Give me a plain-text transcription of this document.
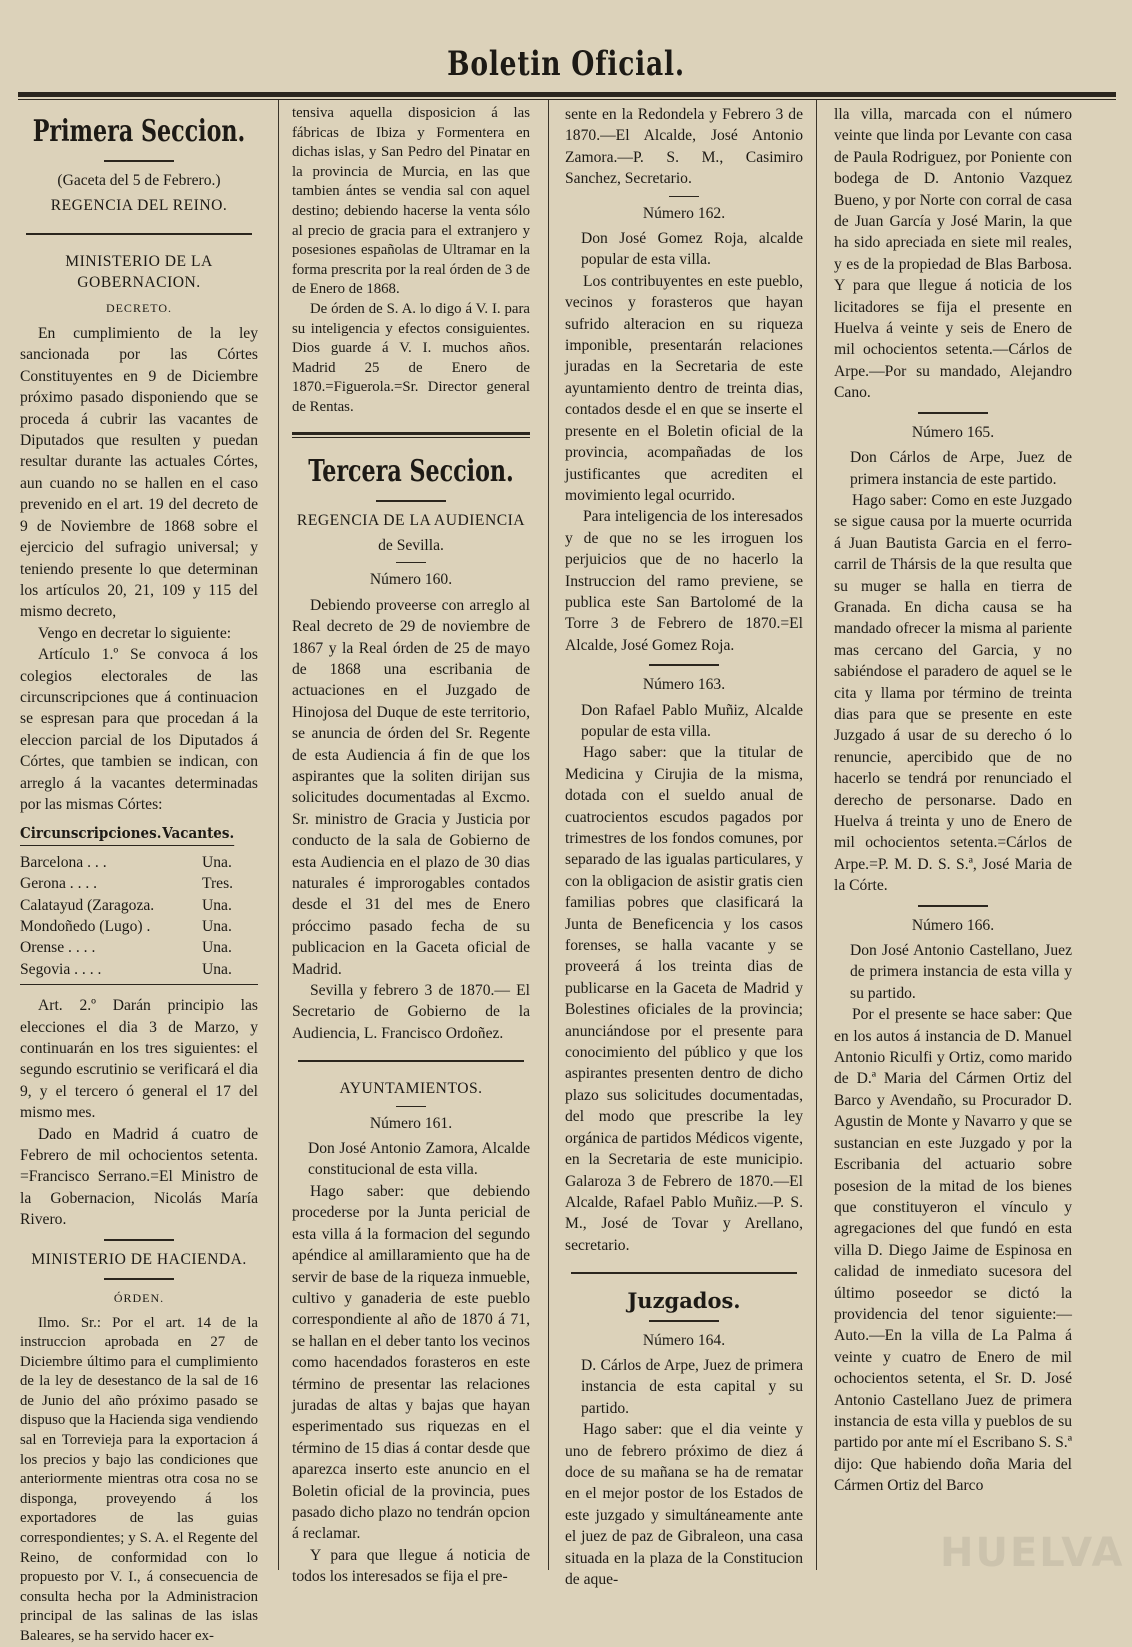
Boletin Oficial.
Primera Seccion.
(Gaceta del 5 de Febrero.)
REGENCIA DEL REINO.
MINISTERIO DE LA GOBERNACION.
DECRETO.

En cumplimiento de la ley sancionada por las Córtes Constituyentes en 9 de Diciembre próximo pasado disponiendo que se proceda á cubrir las vacantes de Diputados que resulten y puedan resultar durante las actuales Córtes, aun cuando no se hallen en el caso prevenido en el art. 19 del decreto de 9 de Noviembre de 1868 sobre el ejercicio del sufragio universal; y teniendo presente lo que determinan los artículos 20, 21, 109 y 115 del mismo decreto,

Vengo en decretar lo siguiente:

Artículo 1.º Se convoca á los colegios electorales de las circunscripciones que á continuacion se espresan para que procedan á la eleccion parcial de los Diputados á Córtes, que tambien se indican, con arreglo á la vacantes determinadas por las mismas Córtes:

Circunscripciones. Vacantes.
Barcelona . . .	Una.
Gerona . . . .	Tres.
Calatayud (Zaragoza.	Una.
Mondoñedo (Lugo) .	Una.
Orense . . . .	Una.
Segovia . . . .	Una.

Art. 2.º Darán principio las elecciones el dia 3 de Marzo, y continuarán en los tres siguientes: el segundo escrutinio se verificará el dia 9, y el tercero ó general el 17 del mismo mes.

Dado en Madrid á cuatro de Febrero de mil ochocientos setenta. =Francisco Serrano.=El Ministro de la Gobernacion, Nicolás María Rivero.

MINISTERIO DE HACIENDA.
ÓRDEN.

Ilmo. Sr.: Por el art. 14 de la instruccion aprobada en 27 de Diciembre último para el cumplimiento de la ley de desestanco de la sal de 16 de Junio del año próximo pasado se dispuso que la Hacienda siga vendiendo sal en Torrevieja para la exportacion á los precios y bajo las condiciones que anteriormente mientras otra cosa no se disponga, proveyendo á los exportadores de las guias correspondientes; y S. A. el Regente del Reino, de conformidad con lo propuesto por V. I., á consecuencia de consulta hecha por la Administracion principal de las salinas de las islas Baleares, se ha servido hacer ex-

tensiva aquella disposicion á las fábricas de Ibiza y Formentera en dichas islas, y San Pedro del Pinatar en la provincia de Murcia, en las que tambien ántes se vendia sal con aquel destino; debiendo hacerse la venta sólo al precio de gracia para el extranjero y posesiones españolas de Ultramar en la forma prescrita por la real órden de 3 de de Enero de 1868.

De órden de S. A. lo digo á V. I. para su inteligencia y efectos consiguientes. Dios guarde á V. I. muchos años. Madrid 25 de Enero de 1870.=Figuerola.=Sr. Director general de Rentas.

Tercera Seccion.
REGENCIA DE LA AUDIENCIA
de Sevilla.
Número 160.

Debiendo proveerse con arreglo al Real decreto de 29 de noviembre de 1867 y la Real órden de 25 de mayo de 1868 una escribania de actuaciones en el Juzgado de Hinojosa del Duque de este territorio, se anuncia de órden del Sr. Regente de esta Audiencia á fin de que los aspirantes que la soliten dirijan sus solicitudes documentadas al Excmo. Sr. ministro de Gracia y Justicia por conducto de la sala de Gobierno de esta Audiencia en el plazo de 30 dias naturales é improrogables contados desde el 31 del mes de Enero próccimo pasado fecha de su publicacion en la Gaceta oficial de Madrid.

Sevilla y febrero 3 de 1870.— El Secretario de Gobierno de la Audiencia, L. Francisco Ordoñez.

AYUNTAMIENTOS.
Número 161.

Don José Antonio Zamora, Alcalde constitucional de esta villa.

Hago saber: que debiendo procederse por la Junta pericial de esta villa á la formacion del segundo apéndice al amillaramiento que ha de servir de base de la riqueza inmueble, cultivo y ganaderia de este pueblo correspondiente al año de 1870 á 71, se hallan en el deber tanto los vecinos como hacendados forasteros en este término de presentar las relaciones juradas de altas y bajas que hayan esperimentado sus riquezas en el término de 15 dias á contar desde que aparezca inserto este anuncio en el Boletin oficial de la provincia, pues pasado dicho plazo no tendrán opcion á reclamar.

Y para que llegue á noticia de todos los interesados se fija el pre-

sente en la Redondela y Febrero 3 de 1870.—El Alcalde, José Antonio Zamora.—P. S. M., Casimiro Sanchez, Secretario.

Número 162.

Don José Gomez Roja, alcalde popular de esta villa.

Los contribuyentes en este pueblo, vecinos y forasteros que hayan sufrido alteracion en su riqueza imponible, presentarán relaciones juradas en la Secretaria de este ayuntamiento dentro de treinta dias, contados desde el en que se inserte el presente en el Boletin oficial de la provincia, acompañadas de los justificantes que acrediten el movimiento legal ocurrido.

Para inteligencia de los interesados y de que no se les irroguen los perjuicios que de no hacerlo la Instruccion del ramo previene, se publica este San Bartolomé de la Torre 3 de Febrero de 1870.=El Alcalde, José Gomez Roja.

Número 163.

Don Rafael Pablo Muñiz, Alcalde popular de esta villa.

Hago saber: que la titular de Medicina y Cirujia de la misma, dotada con el sueldo anual de cuatrocientos escudos pagados por trimestres de los fondos comunes, por separado de las igualas particulares, y con la obligacion de asistir gratis cien familias pobres que clasificará la Junta de Beneficencia y los casos forenses, se halla vacante y se proveerá á los treinta dias de publicarse en la Gaceta de Madrid y Bolestines oficiales de la provincia; anunciándose por el presente para conocimiento del público y que los aspirantes presenten dentro de dicho plazo sus solicitudes documentadas, del modo que prescribe la ley orgánica de partidos Médicos vigente, en la Secretaria de este municipio. Galaroza 3 de Febrero de 1870.—El Alcalde, Rafael Pablo Muñiz.—P. S. M., José de Tovar y Arellano, secretario.

Juzgados.
Número 164.

D. Cárlos de Arpe, Juez de primera instancia de esta capital y su partido.

Hago saber: que el dia veinte y uno de febrero próximo de diez á doce de su mañana se ha de rematar en el mejor postor de los Estados de este juzgado y simultáneamente ante el juez de paz de Gibraleon, una casa situada en la plaza de la Constitucion de aque-

lla villa, marcada con el número veinte que linda por Levante con casa de Paula Rodriguez, por Poniente con bodega de D. Antonio Vazquez Bueno, y por Norte con corral de casa de Juan García y José Marin, la que ha sido apreciada en siete mil reales, y es de la propiedad de Blas Barbosa. Y para que llegue á noticia de los licitadores se fija el presente en Huelva á veinte y seis de Enero de mil ochocientos setenta.—Cárlos de Arpe.—Por su mandado, Alejandro Cano.

Número 165.

Don Cárlos de Arpe, Juez de primera instancia de este partido.

Hago saber: Como en este Juzgado se sigue causa por la muerte ocurrida á Juan Bautista Garcia en el ferro-carril de Thársis de la que resulta que su muger se halla en tierra de Granada. En dicha causa se ha mandado ofrecer la misma al pariente mas cercano del Garcia, y no sabiéndose el paradero de aquel se le cita y llama por término de treinta dias para que se presente en este Juzgado á usar de su derecho ó lo renuncie, apercibido que de no hacerlo se tendrá por renunciado el derecho de personarse. Dado en Huelva á treinta y uno de Enero de mil ochocientos setenta.=Cárlos de Arpe.=P. M. D. S. S.ª, José Maria de la Córte.

Número 166.

Don José Antonio Castellano, Juez de primera instancia de esta villa y su partido.

Por el presente se hace saber: Que en los autos á instancia de D. Manuel Antonio Riculfi y Ortiz, como marido de D.ª Maria del Cármen Ortiz del Barco y Avendaño, su Procurador D. Agustin de Monte y Navarro y que se sustancian en este Juzgado y por la Escribania del actuario sobre posesion de la mitad de los bienes que constituyeron el vínculo y agregaciones del que fundó en esta villa D. Diego Jaime de Espinosa en calidad de inmediato sucesora del último poseedor se dictó la providencia del tenor siguiente:—Auto.—En la villa de La Palma á veinte y cuatro de Enero de mil ochocientos setenta, el Sr. D. José Antonio Castellano Juez de primera instancia de esta villa y pueblos de su partido por ante mí el Escribano S. S.ª dijo: Que habiendo doña Maria del Cármen Ortiz del Barco

HUELVA
